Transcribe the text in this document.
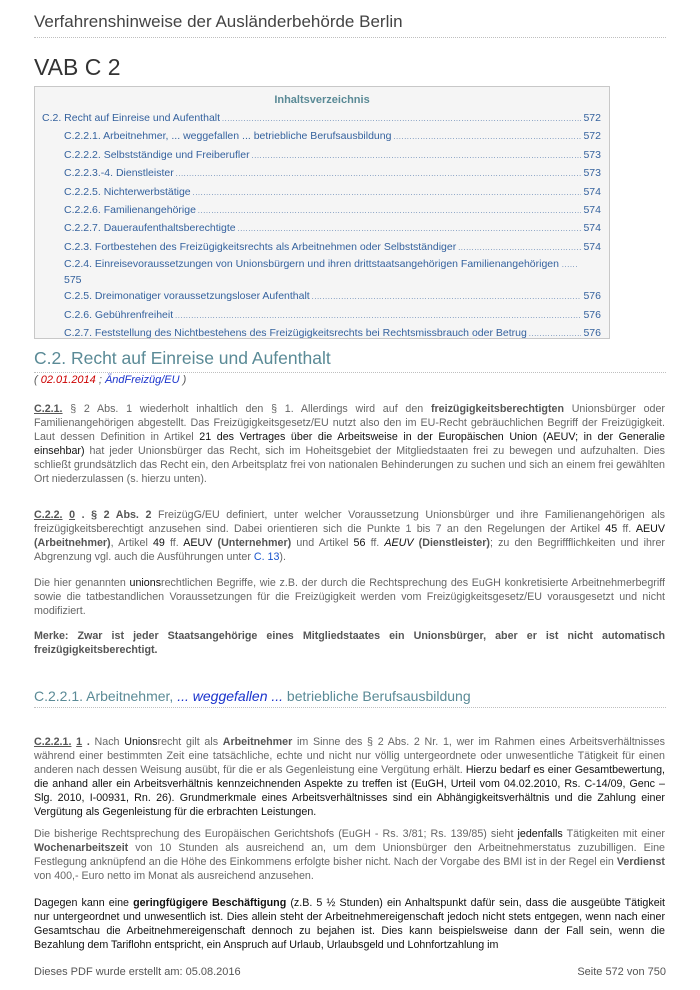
Verfahrenshinweise der Ausländerbehörde Berlin
VAB C 2
Inhaltsverzeichnis
C.2. Recht auf Einreise und Aufenthalt . . .	572
C.2.2.1. Arbeitnehmer, ... weggefallen ... betriebliche Berufsausbildung . . .	572
C.2.2.2. Selbstständige und Freiberufler . . .	573
C.2.2.3.-4. Dienstleister . . .	573
C.2.2.5. Nichterwerbstätige . . .	574
C.2.2.6. Familienangehörige . . .	574
C.2.2.7. Daueraufenthaltsberechtigte . . .	574
C.2.3. Fortbestehen des Freizügigkeitsrechts als Arbeitnehmen oder Selbstständiger . . .	574
C.2.4. Einreisevoraussetzungen von Unionsbürgern und ihren drittstaatsangehörigen Familienangehörigen . . . . . .
575
C.2.5. Dreimonatiger voraussetzungsloser Aufenthalt . . .	576
C.2.6. Gebührenfreiheit . . .	576
C.2.7. Feststellung des Nichtbestehens des Freizügigkeitsrechts bei Rechtsmissbrauch oder Betrug . . .	576
C.2. Recht auf Einreise und Aufenthalt
( 02.01.2014 ; ÄndFreizüg/EU )

C.2.1. § 2 Abs. 1 wiederholt inhaltlich den § 1. Allerdings wird auf den freizügigkeitsberechtigten Unionsbürger oder Familienangehörigen abgestellt. Das Freizügigkeitsgesetz/EU nutzt also den im EU-Recht gebräuchlichen Begriff der Freizügigkeit. Laut dessen Definition in Artikel 21 des Vertrages über die Arbeitsweise in der Europäischen Union (AEUV; in der Generalie einsehbar) hat jeder Unionsbürger das Recht, sich im Hoheitsgebiet der Mitgliedstaaten frei zu bewegen und aufzuhalten. Dies schließt grundsätzlich das Recht ein, den Arbeitsplatz frei von nationalen Behinderungen zu suchen und sich an einem frei gewählten Ort niederzulassen (s. hierzu unten).

C.2.2. 0 . § 2 Abs. 2 FreizügG/EU definiert, unter welcher Voraussetzung Unionsbürger und ihre Familienangehörigen als freizügigkeitsberechtigt anzusehen sind. Dabei orientieren sich die Punkte 1 bis 7 an den Regelungen der Artikel 45 ff. AEUV (Arbeitnehmer), Artikel 49 ff. AEUV (Unternehmer) und Artikel 56 ff. AEUV (Dienstleister); zu den Begriffflichkeiten und ihrer Abgrenzung vgl. auch die Ausführungen unter C. 13).

Die hier genannten unionsrechtlichen Begriffe, wie z.B. der durch die Rechtsprechung des EuGH konkretisierte Arbeitnehmerbegriff sowie die tatbestandlichen Voraussetzungen für die Freizügigkeit werden vom Freizügigkeitsgesetz/EU vorausgesetzt und nicht modifiziert.

Merke: Zwar ist jeder Staatsangehörige eines Mitgliedstaates ein Unionsbürger, aber er ist nicht automatisch freizügigkeitsberechtigt.

C.2.2.1. Arbeitnehmer, ... weggefallen ... betriebliche Berufsausbildung

C.2.2.1. 1 . Nach Unionsrecht gilt als Arbeitnehmer im Sinne des § 2 Abs. 2 Nr. 1, wer im Rahmen eines Arbeitsverhältnisses während einer bestimmten Zeit eine tatsächliche, echte und nicht nur völlig untergeordnete oder unwesentliche Tätigkeit für einen anderen nach dessen Weisung ausübt, für die er als Gegenleistung eine Vergütung erhält. Hierzu bedarf es einer Gesamtbewertung, die anhand aller ein Arbeitsverhältnis kennzeichnenden Aspekte zu treffen ist (EuGH, Urteil vom 04.02.2010, Rs. C-14/09, Genc – Slg. 2010, I-00931, Rn. 26). Grundmerkmale eines Arbeitsverhältnisses sind ein Abhängigkeitsverhältnis und die Zahlung einer Vergütung als Gegenleistung für die erbrachten Leistungen.

Die bisherige Rechtsprechung des Europäischen Gerichtshofs (EuGH - Rs. 3/81; Rs. 139/85) sieht jedenfalls Tätigkeiten mit einer Wochenarbeitszeit von 10 Stunden als ausreichend an, um dem Unionsbürger den Arbeitnehmerstatus zuzubilligen. Eine Festlegung anknüpfend an die Höhe des Einkommens erfolgte bisher nicht. Nach der Vorgabe des BMI ist in der Regel ein Verdienst von 400,- Euro netto im Monat als ausreichend anzusehen.

Dagegen kann eine geringfügigere Beschäftigung (z.B. 5 ½ Stunden) ein Anhaltspunkt dafür sein, dass die ausgeübte Tätigkeit nur untergeordnet und unwesentlich ist. Dies allein steht der Arbeitnehmereigenschaft jedoch nicht stets entgegen, wenn nach einer Gesamtschau die Arbeitnehmereigenschaft dennoch zu bejahen ist. Dies kann beispielsweise dann der Fall sein, wenn die Bezahlung dem Tariflohn entspricht, ein Anspruch auf Urlaub, Urlaubsgeld und Lohnfortzahlung im

Dieses PDF wurde erstellt am: 05.08.2016	Seite 572 von 750
